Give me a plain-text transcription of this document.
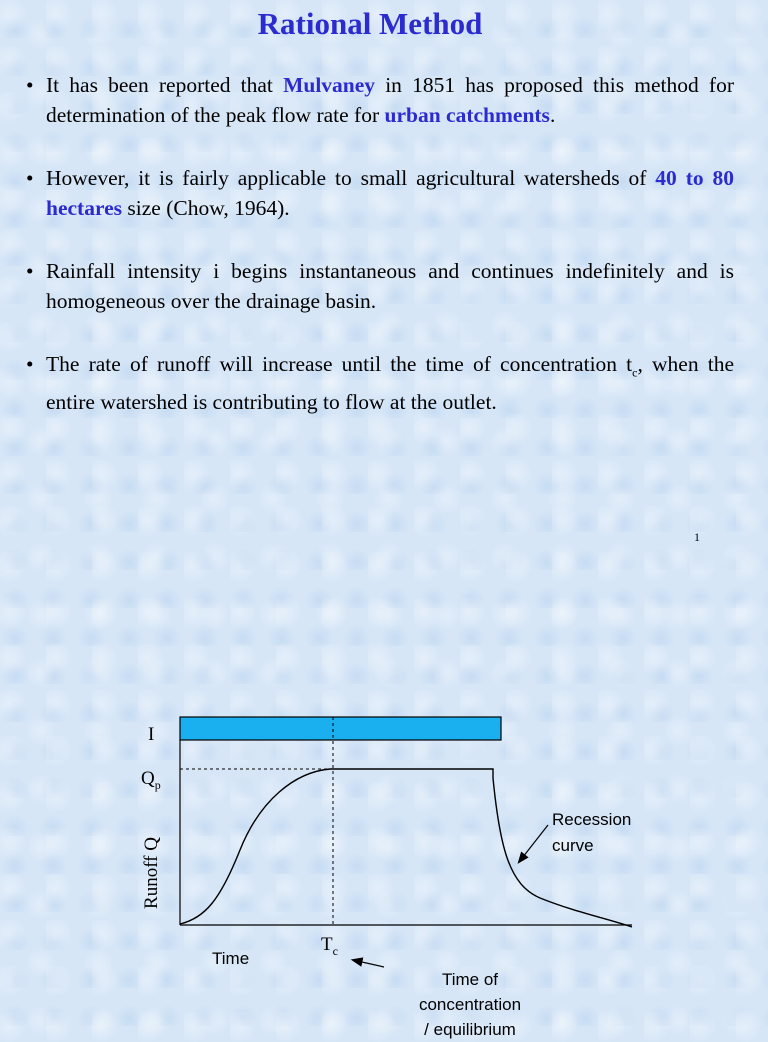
Rational Method
• It has been reported that Mulvaney in 1851 has proposed this method for determination of the peak flow rate for urban catchments.
• However, it is fairly applicable to small agricultural watersheds of 40 to 80 hectares size (Chow, 1964).
• Rainfall intensity i begins instantaneous and continues indefinitely and is homogeneous over the drainage basin.
• The rate of runoff will increase until the time of concentration $t_c$, when the entire watershed is contributing to flow at the outlet.
1
I
$Q_p$
Runoff Q
Time
$T_c$
Recession
curve
Time of
concentration
/ equilibrium
